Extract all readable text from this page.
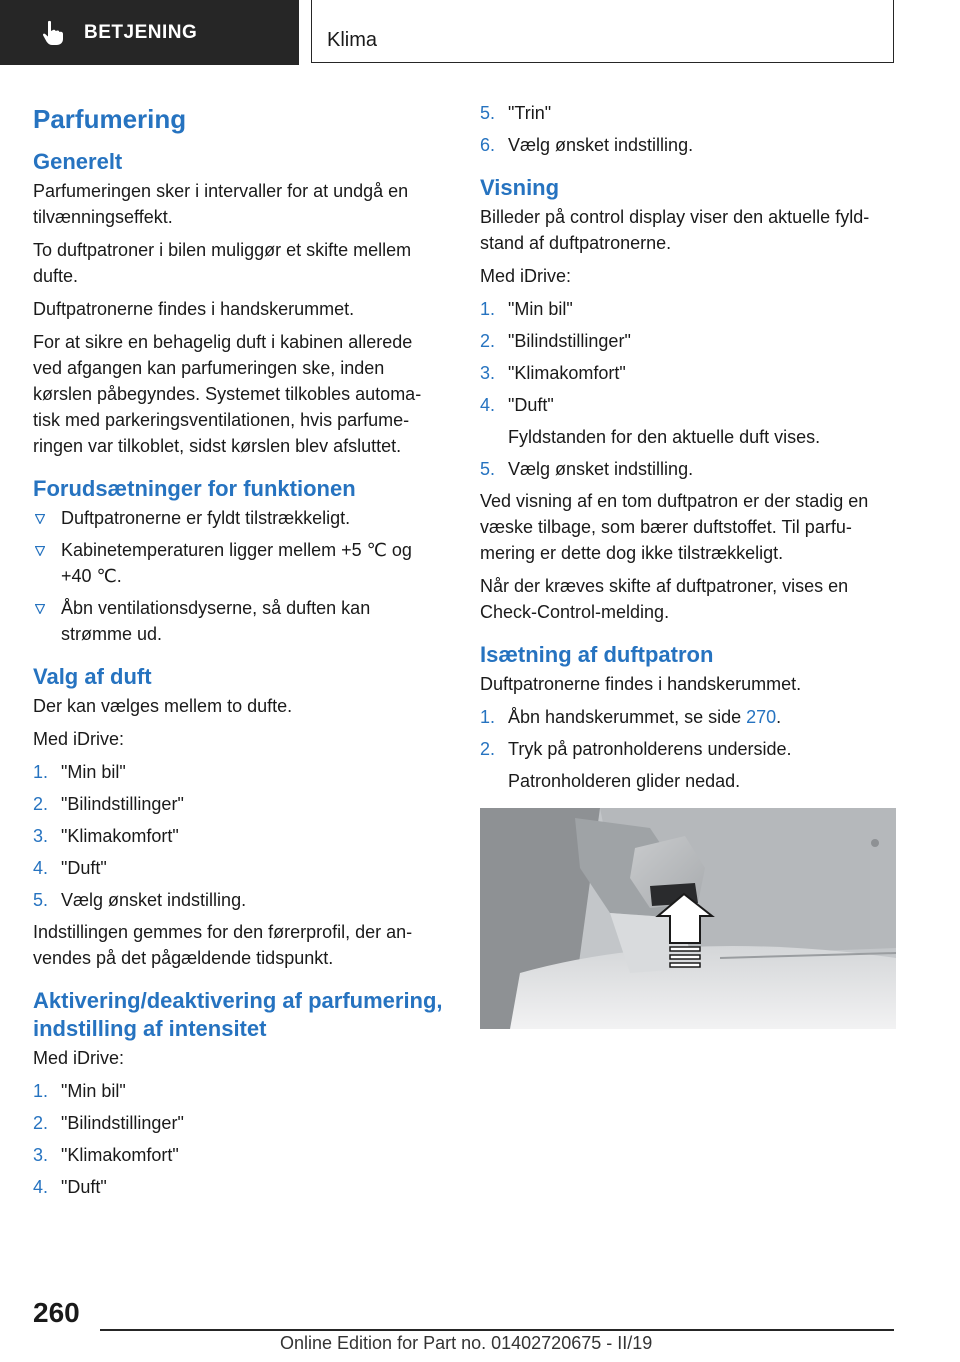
BETJENING	Klima
Parfumering
Generelt

Parfumeringen sker i intervaller for at undgå en tilvænningseffekt.

To duftpatroner i bilen muliggør et skifte mellem dufte.

Duftpatronerne findes i handskerummet.

For at sikre en behagelig duft i kabinen allerede ved afgangen kan parfumeringen ske, inden kørslen påbegyndes. Systemet tilkobles automa‐tisk med parkeringsventilationen, hvis parfume‐ringen var tilkoblet, sidst kørslen blev afsluttet.

Forudsætninger for funktionen
Duftpatronerne er fyldt tilstrækkeligt.
Kabinetemperaturen ligger mellem +5 ℃ og +40 ℃.
Åbn ventilationsdyserne, så duften kan strømme ud.
Valg af duft

Der kan vælges mellem to dufte.

Med iDrive:

1. "Min bil"
2. "Bilindstillinger"
3. "Klimakomfort"
4. "Duft"
5. Vælg ønsket indstilling.

Indstillingen gemmes for den førerprofil, der an‐vendes på det pågældende tidspunkt.

Aktivering/deaktivering af parfumering, indstilling af intensitet

Med iDrive:

1. "Min bil"
2. "Bilindstillinger"
3. "Klimakomfort"
4. "Duft"
5. "Trin"
6. Vælg ønsket indstilling.
Visning

Billeder på control display viser den aktuelle fyld‐stand af duftpatronerne.

Med iDrive:

1. "Min bil"
2. "Bilindstillinger"
3. "Klimakomfort"
4. "Duft"
Fyldstanden for den aktuelle duft vises.
5. Vælg ønsket indstilling.

Ved visning af en tom duftpatron er der stadig en væske tilbage, som bærer duftstoffet. Til parfu‐mering er dette dog ikke tilstrækkeligt.

Når der kræves skifte af duftpatroner, vises en Check-Control-melding.

Isætning af duftpatron

Duftpatronerne findes i handskerummet.

1. Åbn handskerummet, se side 270.
2. Tryk på patronholderens underside.
Patronholderen glider nedad.
260
Online Edition for Part no. 01402720675 - II/19
